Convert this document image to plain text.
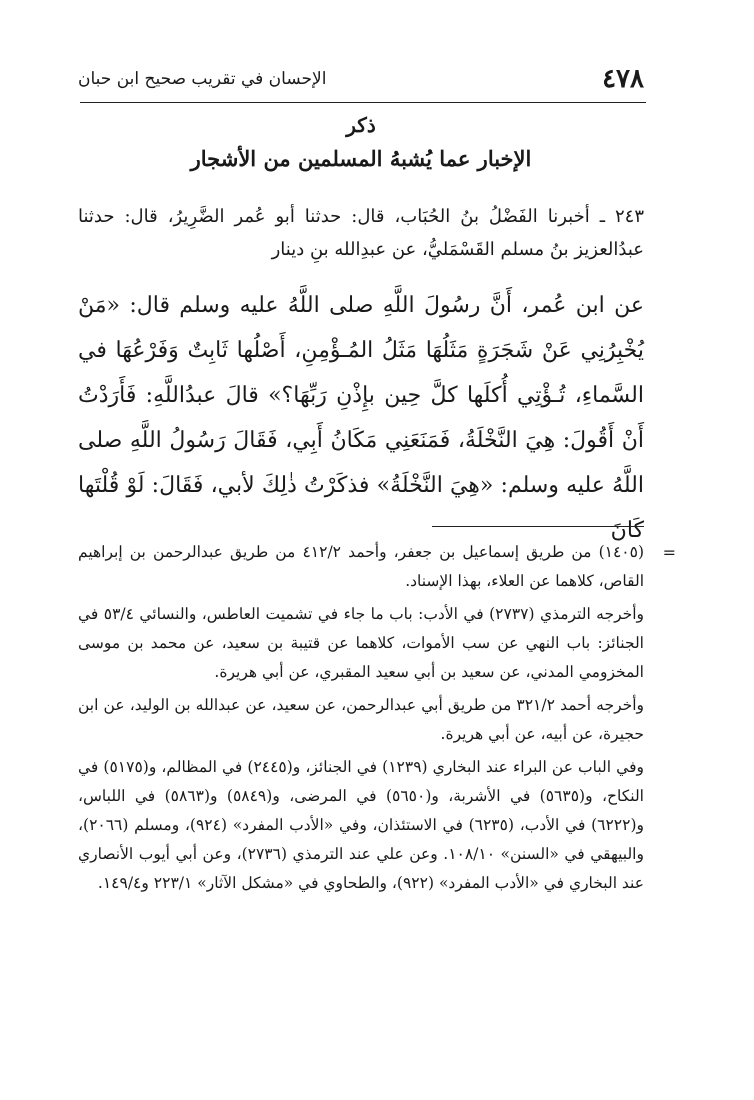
٤٧٨
الإحسان في تقريب صحيح ابن حبان
ذكر
الإخبار عما يُشبهُ المسلمين من الأشجار
٢٤٣ ـ أخبرنا الفَضْلُ بنُ الحُبَاب، قال: حدثنا أبو عُمر الضَّرِيرُ، قال: حدثنا عبدُالعزيز بنُ مسلم القَسْمَليُّ، عن عبدِالله بنِ دينار
عن ابن عُمر، أَنَّ رسُولَ اللَّهِ صلى اللَّهُ عليه وسلم قال: «مَنْ يُخْبِرُنِي عَنْ شَجَرَةٍ مَثَلُهَا مَثَلُ المُـؤْمِنِ، أَصْلُها ثَابِتٌ وَفَرْعُهَا في السَّماءِ، تُـؤْتِي أُكلَها كلَّ حِين بإِذْنِ رَبِّهَا؟» قالَ عبدُاللَّهِ: فَأَرَدْتُ أَنْ أَقُولَ: هِيَ النَّخْلَةُ، فَمَنَعَنِي مَكَانُ أَبِي، فَقَالَ رَسُولُ اللَّهِ صلى اللَّهُ عليه وسلم: «هِيَ النَّخْلَةُ» فذكَرْتُ ذٰلِكَ لأبي، فَقَالَ: لَوْ قُلْتَها كَانَ

=
(١٤٠٥) من طريق إسماعيل بن جعفر، وأحمد ٤١٢/٢ من طريق عبدالرحمن بن إبراهيم القاص، كلاهما عن العلاء، بهذا الإسناد.

وأخرجه الترمذي (٢٧٣٧) في الأدب: باب ما جاء في تشميت العاطس، والنسائي ٥٣/٤ في الجنائز: باب النهي عن سب الأموات، كلاهما عن قتيبة بن سعيد، عن محمد بن موسى المخزومي المدني، عن سعيد بن أبي سعيد المقبري، عن أبي هريرة.

وأخرجه أحمد ٣٢١/٢ من طريق أبي عبدالرحمن، عن سعيد، عن عبدالله بن الوليد، عن ابن حجيرة، عن أبيه، عن أبي هريرة.

وفي الباب عن البراء عند البخاري (١٢٣٩) في الجنائز، و(٢٤٤٥) في المظالم، و(٥١٧٥) في النكاح، و(٥٦٣٥) في الأشربة، و(٥٦٥٠) في المرضى، و(٥٨٤٩) و(٥٨٦٣) في اللباس، و(٦٢٢٢) في الأدب، (٦٢٣٥) في الاستئذان، وفي «الأدب المفرد» (٩٢٤)، ومسلم (٢٠٦٦)، والبيهقي في «السنن» ١٠٨/١٠. وعن علي عند الترمذي (٢٧٣٦)، وعن أبي أيوب الأنصاري عند البخاري في «الأدب المفرد» (٩٢٢)، والطحاوي في «مشكل الآثار» ٢٢٣/١ و١٤٩/٤.
